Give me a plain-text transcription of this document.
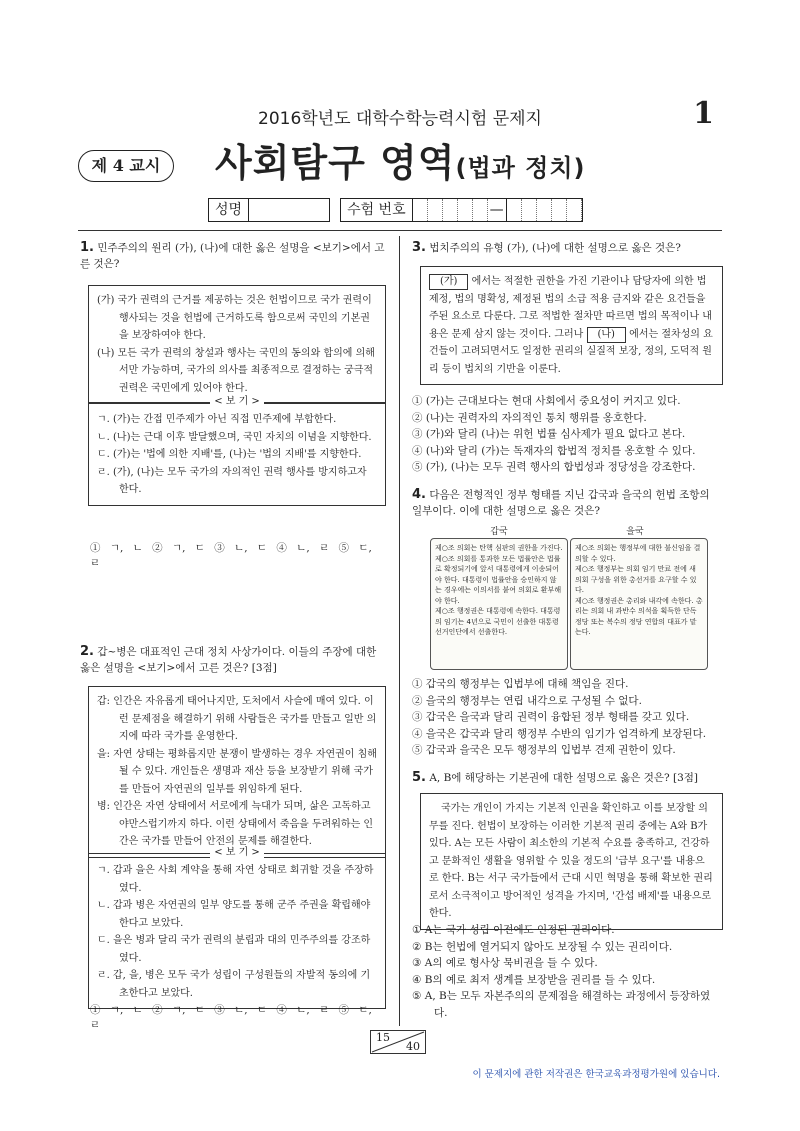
2016학년도 대학수학능력시험 문제지	1
제 4 교시	사회탐구 영역(법과 정치)
성명	수험 번호	—
1. 민주주의의 원리 (가), (나)에 대한 옳은 설명을 <보기>에서 고른 것은?
(가) 국가 권력의 근거를 제공하는 것은 헌법이므로 국가 권력이 행사되는 것을 헌법에 근거하도록 함으로써 국민의 기본권을 보장하여야 한다.
(나) 모든 국가 권력의 창설과 행사는 국민의 동의와 합의에 의해서만 가능하며, 국가의 의사를 최종적으로 결정하는 궁극적 권력은 국민에게 있어야 한다.
< 보 기 >
ㄱ. (가)는 간접 민주제가 아닌 직접 민주제에 부합한다.
ㄴ. (나)는 근대 이후 발달했으며, 국민 자치의 이념을 지향한다.
ㄷ. (가)는 '법에 의한 지배'를, (나)는 '법의 지배'를 지향한다.
ㄹ. (가), (나)는 모두 국가의 자의적인 권력 행사를 방지하고자 한다.
① ㄱ, ㄴ ② ㄱ, ㄷ ③ ㄴ, ㄷ ④ ㄴ, ㄹ ⑤ ㄷ, ㄹ
2. 갑~병은 대표적인 근대 정치 사상가이다. 이들의 주장에 대한 옳은 설명을 <보기>에서 고른 것은? [3점]
갑: 인간은 자유롭게 태어나지만, 도처에서 사슬에 매여 있다. 이런 문제점을 해결하기 위해 사람들은 국가를 만들고 일반 의지에 따라 국가를 운영한다.
을: 자연 상태는 평화롭지만 분쟁이 발생하는 경우 자연권이 침해될 수 있다. 개인들은 생명과 재산 등을 보장받기 위해 국가를 만들어 자연권의 일부를 위임하게 된다.
병: 인간은 자연 상태에서 서로에게 늑대가 되며, 삶은 고독하고 야만스럽기까지 하다. 이런 상태에서 죽음을 두려워하는 인간은 국가를 만들어 안전의 문제를 해결한다.
< 보 기 >
ㄱ. 갑과 을은 사회 계약을 통해 자연 상태로 회귀할 것을 주장하였다.
ㄴ. 갑과 병은 자연권의 일부 양도를 통해 군주 주권을 확립해야 한다고 보았다.
ㄷ. 을은 병과 달리 국가 권력의 분립과 대의 민주주의를 강조하였다.
ㄹ. 갑, 을, 병은 모두 국가 성립이 구성원들의 자발적 동의에 기초한다고 보았다.
① ㄱ, ㄴ ② ㄱ, ㄷ ③ ㄴ, ㄷ ④ ㄴ, ㄹ ⑤ ㄷ, ㄹ
3. 법치주의의 유형 (가), (나)에 대한 설명으로 옳은 것은?
(가) 에서는 적절한 권한을 가진 기관이나 담당자에 의한 법 제정, 법의 명확성, 제정된 법의 소급 적용 금지와 같은 요건들을 주된 요소로 다룬다. 그로 적법한 절차만 따르면 법의 목적이나 내용은 문제 삼지 않는 것이다. 그러나 (나) 에서는 절차성의 요건들이 고려되면서도 일정한 권리의 실질적 보장, 정의, 도덕적 원리 등이 법치의 기반을 이룬다.
① (가)는 근대보다는 현대 사회에서 중요성이 커지고 있다.
② (나)는 권력자의 자의적인 통치 행위를 옹호한다.
③ (가)와 달리 (나)는 위헌 법률 심사제가 필요 없다고 본다.
④ (나)와 달리 (가)는 독재자의 합법적 정치를 옹호할 수 있다.
⑤ (가), (나)는 모두 권력 행사의 합법성과 정당성을 강조한다.
4. 다음은 전형적인 정부 형태를 지닌 갑국과 을국의 헌법 조항의 일부이다. 이에 대한 설명으로 옳은 것은?
갑국	을국
제○조 의회는 탄핵 심판의 권한을 가진다.
제○조 의회를 통과한 모든 법률안은 법률로 확정되기에 앞서 대통령에게 이송되어야 한다. 대통령이 법률안을 승인하지 않는 경우에는 이의서를 붙여 의회로 환부해야 한다.
제○조 행정권은 대통령에 속한다. 대통령의 임기는 4년으로 국민이 선출한 대통령 선거인단에서 선출한다.
제○조 의회는 행정부에 대한 불신임을 결의할 수 있다.
제○조 행정부는 의회 임기 만료 전에 새 의회 구성을 위한 총선거를 요구할 수 있다.
제○조 행정권은 총리와 내각에 속한다. 총리는 의회 내 과반수 의석을 획득한 단독 정당 또는 복수의 정당 연합의 대표가 맡는다.
① 갑국의 행정부는 입법부에 대해 책임을 진다.
② 을국의 행정부는 연립 내각으로 구성될 수 없다.
③ 갑국은 을국과 달리 권력이 융합된 정부 형태를 갖고 있다.
④ 을국은 갑국과 달리 행정부 수반의 임기가 엄격하게 보장된다.
⑤ 갑국과 을국은 모두 행정부의 입법부 견제 권한이 있다.
5. A, B에 해당하는 기본권에 대한 설명으로 옳은 것은? [3점]
국가는 개인이 가지는 기본적 인권을 확인하고 이를 보장할 의무를 진다. 헌법이 보장하는 이러한 기본적 권리 중에는 A와 B가 있다. A는 모든 사람이 최소한의 기본적 수요를 충족하고, 건강하고 문화적인 생활을 영위할 수 있을 정도의 '급부 요구'를 내용으로 한다. B는 서구 국가들에서 근대 시민 혁명을 통해 확보한 권리로서 소극적이고 방어적인 성격을 가지며, '간섭 배제'를 내용으로 한다.
① A는 국가 성립 이전에도 인정된 권리이다.
② B는 헌법에 열거되지 않아도 보장될 수 있는 권리이다.
③ A의 예로 형사상 묵비권을 들 수 있다.
④ B의 예로 최저 생계를 보장받을 권리를 들 수 있다.
⑤ A, B는 모두 자본주의의 문제점을 해결하는 과정에서 등장하였다.
15
40
이 문제지에 관한 저작권은 한국교육과정평가원에 있습니다.
